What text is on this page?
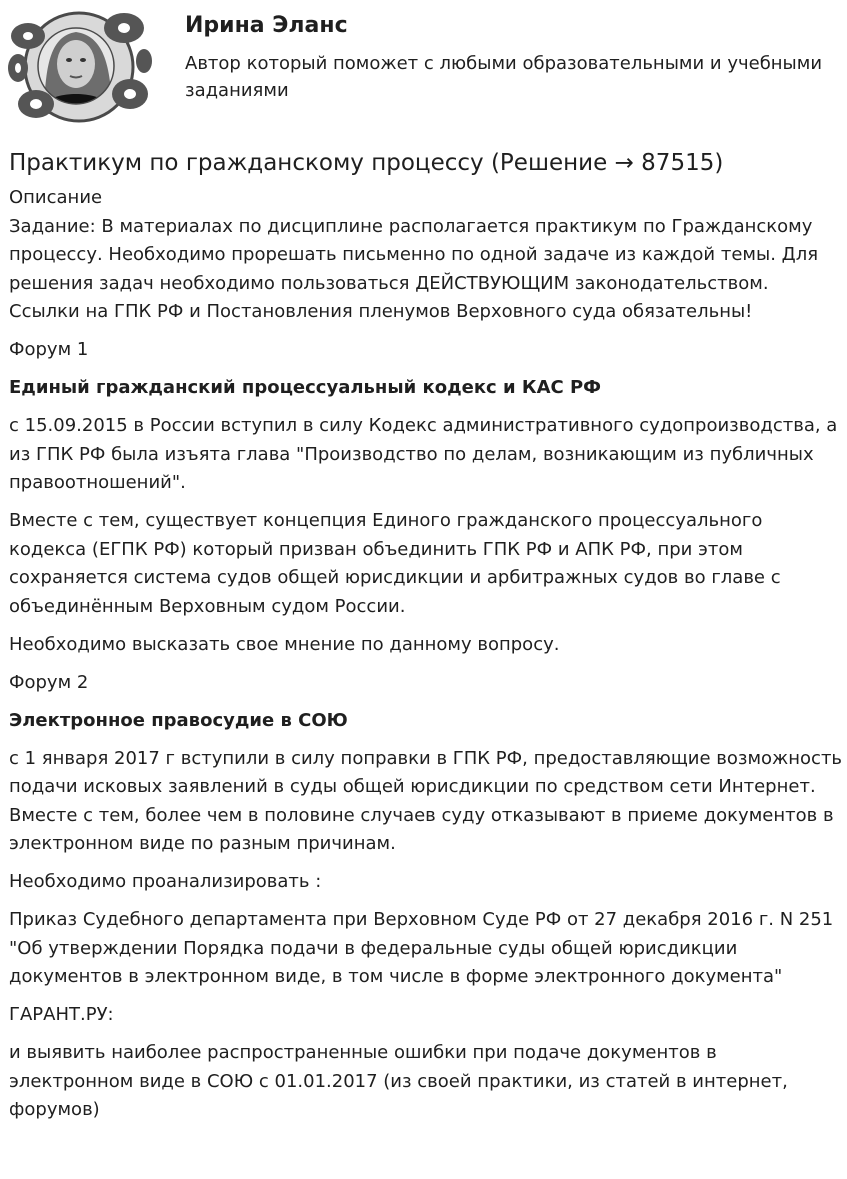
Ирина Эланс
Автор который поможет с любыми образовательными и учебными заданиями
Практикум по гражданскому процессу (Решение → 87515)

Описание

Задание: В материалах по дисциплине располагается практикум по Гражданскому процессу. Необходимо прорешать письменно по одной задаче из каждой темы. Для решения задач необходимо пользоваться ДЕЙСТВУЮЩИМ законодательством. Ссылки на ГПК РФ и Постановления пленумов Верховного суда обязательны!

Форум 1

Единый гражданский процессуальный кодекс и КАС РФ

с 15.09.2015 в России вступил в силу Кодекс административного судопроизводства, а из ГПК РФ была изъята глава "Производство по делам, возникающим из публичных правоотношений".

Вместе с тем, существует концепция Единого гражданского процессуального кодекса (ЕГПК РФ) который призван объединить ГПК РФ и АПК РФ, при этом сохраняется система судов общей юрисдикции и арбитражных судов во главе с объединённым Верховным судом России.

Необходимо высказать свое мнение по данному вопросу.

Форум 2

Электронное правосудие в СОЮ

с 1 января 2017 г вступили в силу поправки в ГПК РФ, предоставляющие возможность подачи исковых заявлений в суды общей юрисдикции по средством сети Интернет. Вместе с тем, более чем в половине случаев суду отказывают в приеме документов в электронном виде по разным причинам.

Необходимо проанализировать :

Приказ Судебного департамента при Верховном Суде РФ от 27 декабря 2016 г. N 251 "Об утверждении Порядка подачи в федеральные суды общей юрисдикции документов в электронном виде, в том числе в форме электронного документа"

ГАРАНТ.РУ:

и выявить наиболее распространенные ошибки при подаче документов в электронном виде в СОЮ с 01.01.2017 (из своей практики, из статей в интернет, форумов)
